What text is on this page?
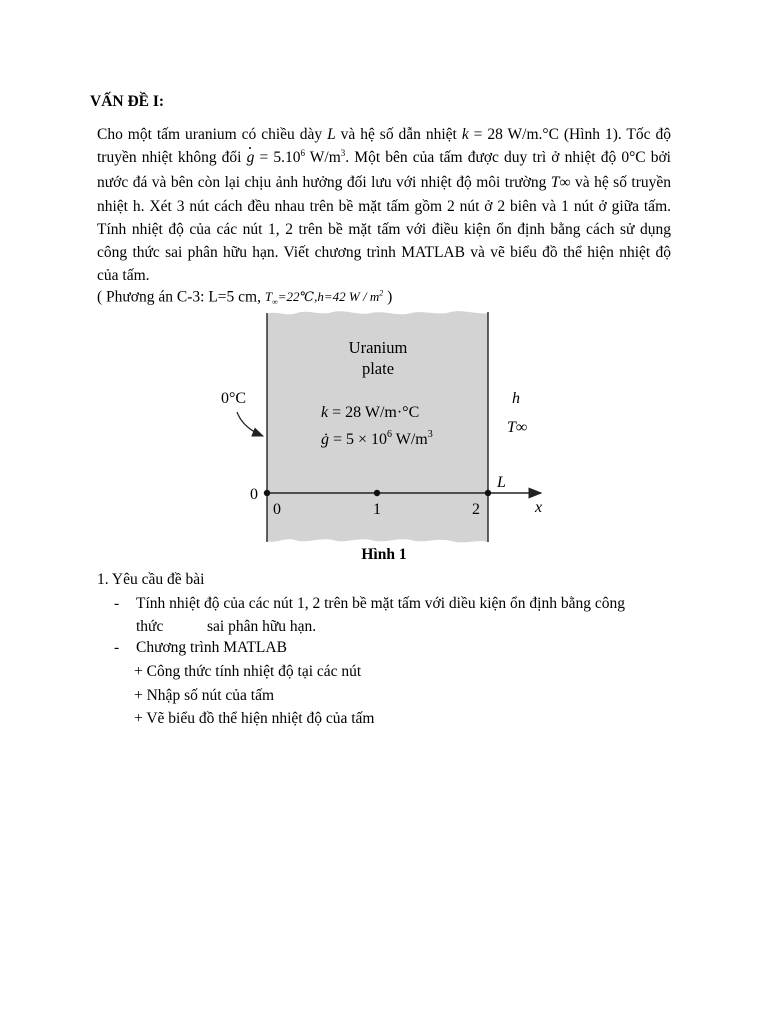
VẤN ĐỀ I:

Cho một tấm uranium có chiều dày L và hệ số dẫn nhiệt k = 28 W/m.°C (Hình 1). Tốc độ truyền nhiệt không đổi $g = 5.10^6$ $W/m^3$. Một bên của tấm được duy trì ở nhiệt độ 0°C bởi nước đá và bên còn lại chịu ảnh hưởng đối lưu với nhiệt độ môi trường T∞ và hệ số truyền nhiệt h. Xét 3 nút cách đều nhau trên bề mặt tấm gồm 2 nút ở 2 biên và 1 nút ở giữa tấm. Tính nhiệt độ của các nút 1, 2 trên bề mặt tấm với điều kiện ổn định bằng cách sử dụng công thức sai phân hữu hạn. Viết chương trình MATLAB và vẽ biểu đồ thể hiện nhiệt độ của tấm.

( Phương án C-3: L=5 cm, $T_\infty=22℃,h=42$ W / $m^2$ )

Uranium
plate
k = 28 W/m·°C
ġ = $5 \times 10^6$ $W/m^3$
0°C	h
T∞
L
x
0
0	1	2
Hình 1

1. Yêu cầu đề bài

- Tính nhiệt độ của các nút 1, 2 trên bề mặt tấm với diều kiện ổn định bằng công
thức	sai phân hữu hạn.
- Chương trình MATLAB
+ Công thức tính nhiệt độ tại các nút
+ Nhập số nút của tấm
+ Vẽ biểu đồ thể hiện nhiệt độ của tấm
